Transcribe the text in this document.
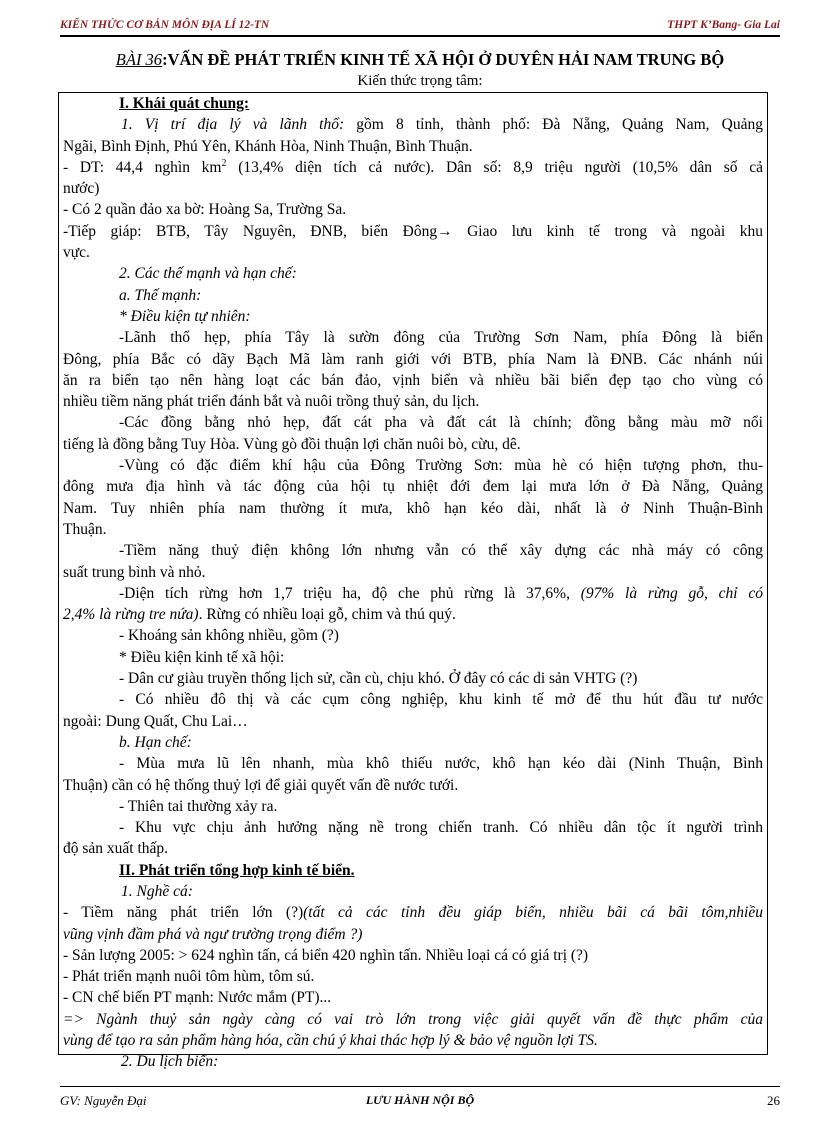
KIẾN THỨC CƠ BẢN MÔN ĐỊA LÍ 12-TN	THPT K’Bang- Gia Lai
BÀI 36:VẤN ĐỀ PHÁT TRIỂN KINH TẾ XÃ HỘI Ở DUYÊN HẢI NAM TRUNG BỘ
Kiến thức trọng tâm:
I. Khái quát chung:
1. Vị trí địa lý và lãnh thổ: gồm 8 tỉnh, thành phố: Đà Nẵng, Quảng Nam, Quảng
Ngãi, Bình Định, Phú Yên, Khánh Hòa, Ninh Thuận, Bình Thuận.
- DT: 44,4 nghìn $km^2$ (13,4% diện tích cả nước). Dân số: 8,9 triệu người (10,5% dân số cả
nước)
- Có 2 quần đảo xa bờ: Hoàng Sa, Trường Sa.
-Tiếp giáp: BTB, Tây Nguyên, ĐNB, biển Đông→ Giao lưu kinh tế trong và ngoài khu
vực.
2. Các thế mạnh và hạn chế:
a. Thế mạnh:
* Điều kiện tự nhiên:
-Lãnh thổ hẹp, phía Tây là sườn đông của Trường Sơn Nam, phía Đông là biển
Đông, phía Bắc có dãy Bạch Mã làm ranh giới với BTB, phía Nam là ĐNB. Các nhánh núi
ăn ra biển tạo nên hàng loạt các bán đảo, vịnh biển và nhiều bãi biển đẹp tạo cho vùng có
nhiều tiềm năng phát triển đánh bắt và nuôi trồng thuỷ sản, du lịch.
-Các đồng bằng nhỏ hẹp, đất cát pha và đất cát là chính; đồng bằng màu mỡ nổi
tiếng là đồng bằng Tuy Hòa. Vùng gò đồi thuận lợi chăn nuôi bò, cừu, dê.
-Vùng có đặc điểm khí hậu của Đông Trường Sơn: mùa hè có hiện tượng phơn, thu-
đông mưa địa hình và tác động của hội tụ nhiệt đới đem lại mưa lớn ở Đà Nẵng, Quảng
Nam. Tuy nhiên phía nam thường ít mưa, khô hạn kéo dài, nhất là ở Ninh Thuận-Bình
Thuận.
-Tiềm năng thuỷ điện không lớn nhưng vẫn có thể xây dựng các nhà máy có công
suất trung bình và nhỏ.
-Diện tích rừng hơn 1,7 triệu ha, độ che phủ rừng là 37,6%, (97% là rừng gỗ, chỉ có
2,4% là rừng tre nứa). Rừng có nhiều loại gỗ, chim và thú quý.
- Khoáng sản không nhiều, gồm (?)
* Điều kiện kinh tế xã hội:
- Dân cư giàu truyền thống lịch sử, cần cù, chịu khó. Ở đây có các di sản VHTG (?)
- Có nhiều đô thị và các cụm công nghiệp, khu kinh tế mở để thu hút đầu tư nước
ngoài: Dung Quất, Chu Lai…
b. Hạn chế:
- Mùa mưa lũ lên nhanh, mùa khô thiếu nước, khô hạn kéo dài (Ninh Thuận, Bình
Thuận) cần có hệ thống thuỷ lợi để giải quyết vấn đề nước tưới.
- Thiên tai thường xảy ra.
- Khu vực chịu ảnh hưởng nặng nề trong chiến tranh. Có nhiều dân tộc ít người trình
độ sản xuất thấp.
II. Phát triển tổng hợp kinh tế biển.
1. Nghề cá:
- Tiềm năng phát triển lớn (?)(tất cả các tỉnh đều giáp biển, nhiều bãi cá bãi tôm,nhiều
vũng vịnh đầm phá và ngư trường trọng điểm ?)
- Sản lượng 2005: > 624 nghìn tấn, cá biển 420 nghìn tấn. Nhiều loại cá có giá trị (?)
- Phát triển mạnh nuôi tôm hùm, tôm sú.
- CN chế biến PT mạnh: Nước mắm (PT)...
=> Ngành thuỷ sản ngày càng có vai trò lớn trong việc giải quyết vấn đề thực phẩm của
vùng để tạo ra sản phẩm hàng hóa, cần chú ý khai thác hợp lý & bảo vệ nguồn lợi TS.
2. Du lịch biển:
GV: Nguyễn Đại	LƯU HÀNH NỘI BỘ	26
